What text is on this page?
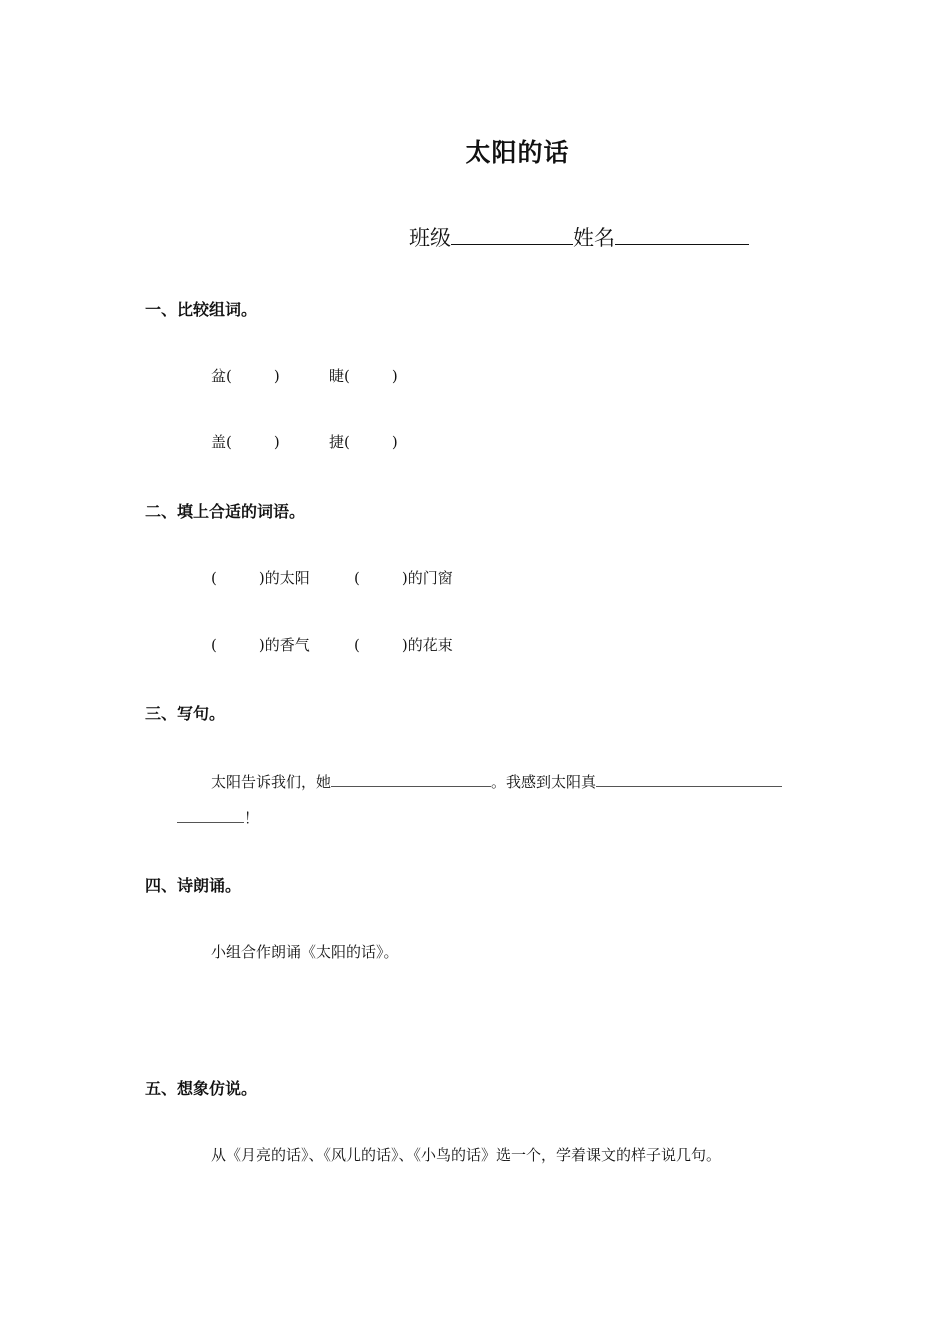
太阳的话
班级	姓名
一、比较组词。
盆(	)	睫(	)
盖(	)	捷(	)
二、填上合适的词语。
(	)的太阳	(	)的门窗
(	)的香气	(	)的花束
三、写句。
太阳告诉我们，她	。我感到太阳真
！
四、诗朗诵。
小组合作朗诵《太阳的话》。
五、想象仿说。
从《月亮的话》、《风儿的话》、《小鸟的话》选一个，学着课文的样子说几句。
